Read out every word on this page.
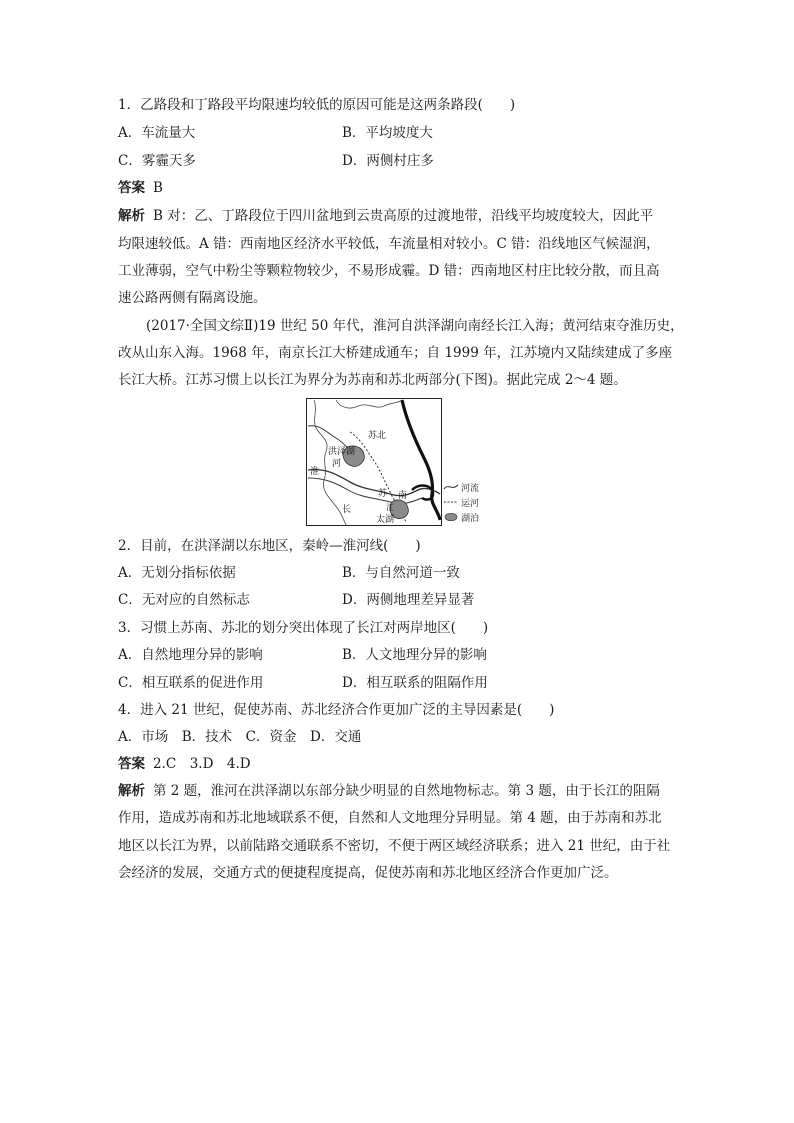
1．乙路段和丁路段平均限速均较低的原因可能是这两条路段(　　)
A．车流量大	B．平均坡度大
C．雾霾天多	D．两侧村庄多
答案 B
解析 B 对：乙、丁路段位于四川盆地到云贵高原的过渡地带，沿线平均坡度较大，因此平
均限速较低。A 错：西南地区经济水平较低，车流量相对较小。C 错：沿线地区气候湿润，
工业薄弱，空气中粉尘等颗粒物较少，不易形成霾。D 错：西南地区村庄比较分散，而且高
速公路两侧有隔离设施。
(2017·全国文综Ⅱ)19 世纪 50 年代，淮河自洪泽湖向南经长江入海；黄河结束夺淮历史，
改从山东入海。1968 年，南京长江大桥建成通车；自 1999 年，江苏境内又陆续建成了多座
长江大桥。江苏习惯上以长江为界分为苏南和苏北两部分(下图)。据此完成 2～4 题。
苏北
洪泽湖
河
淮
苏 南
长
太湖
江
河流
运河
湖泊
2．目前，在洪泽湖以东地区，秦岭—淮河线(　　)
A．无划分指标依据	B．与自然河道一致
C．无对应的自然标志	D．两侧地理差异显著
3．习惯上苏南、苏北的划分突出体现了长江对两岸地区(　　)
A．自然地理分异的影响	B．人文地理分异的影响
C．相互联系的促进作用	D．相互联系的阻隔作用
4．进入 21 世纪，促使苏南、苏北经济合作更加广泛的主导因素是(　　)
A．市场　B．技术　C．资金　D．交通
答案 2.C　3.D　4.D
解析 第 2 题，淮河在洪泽湖以东部分缺少明显的自然地物标志。第 3 题，由于长江的阻隔
作用，造成苏南和苏北地域联系不便，自然和人文地理分异明显。第 4 题，由于苏南和苏北
地区以长江为界，以前陆路交通联系不密切，不便于两区域经济联系；进入 21 世纪，由于社
会经济的发展，交通方式的便捷程度提高，促使苏南和苏北地区经济合作更加广泛。
